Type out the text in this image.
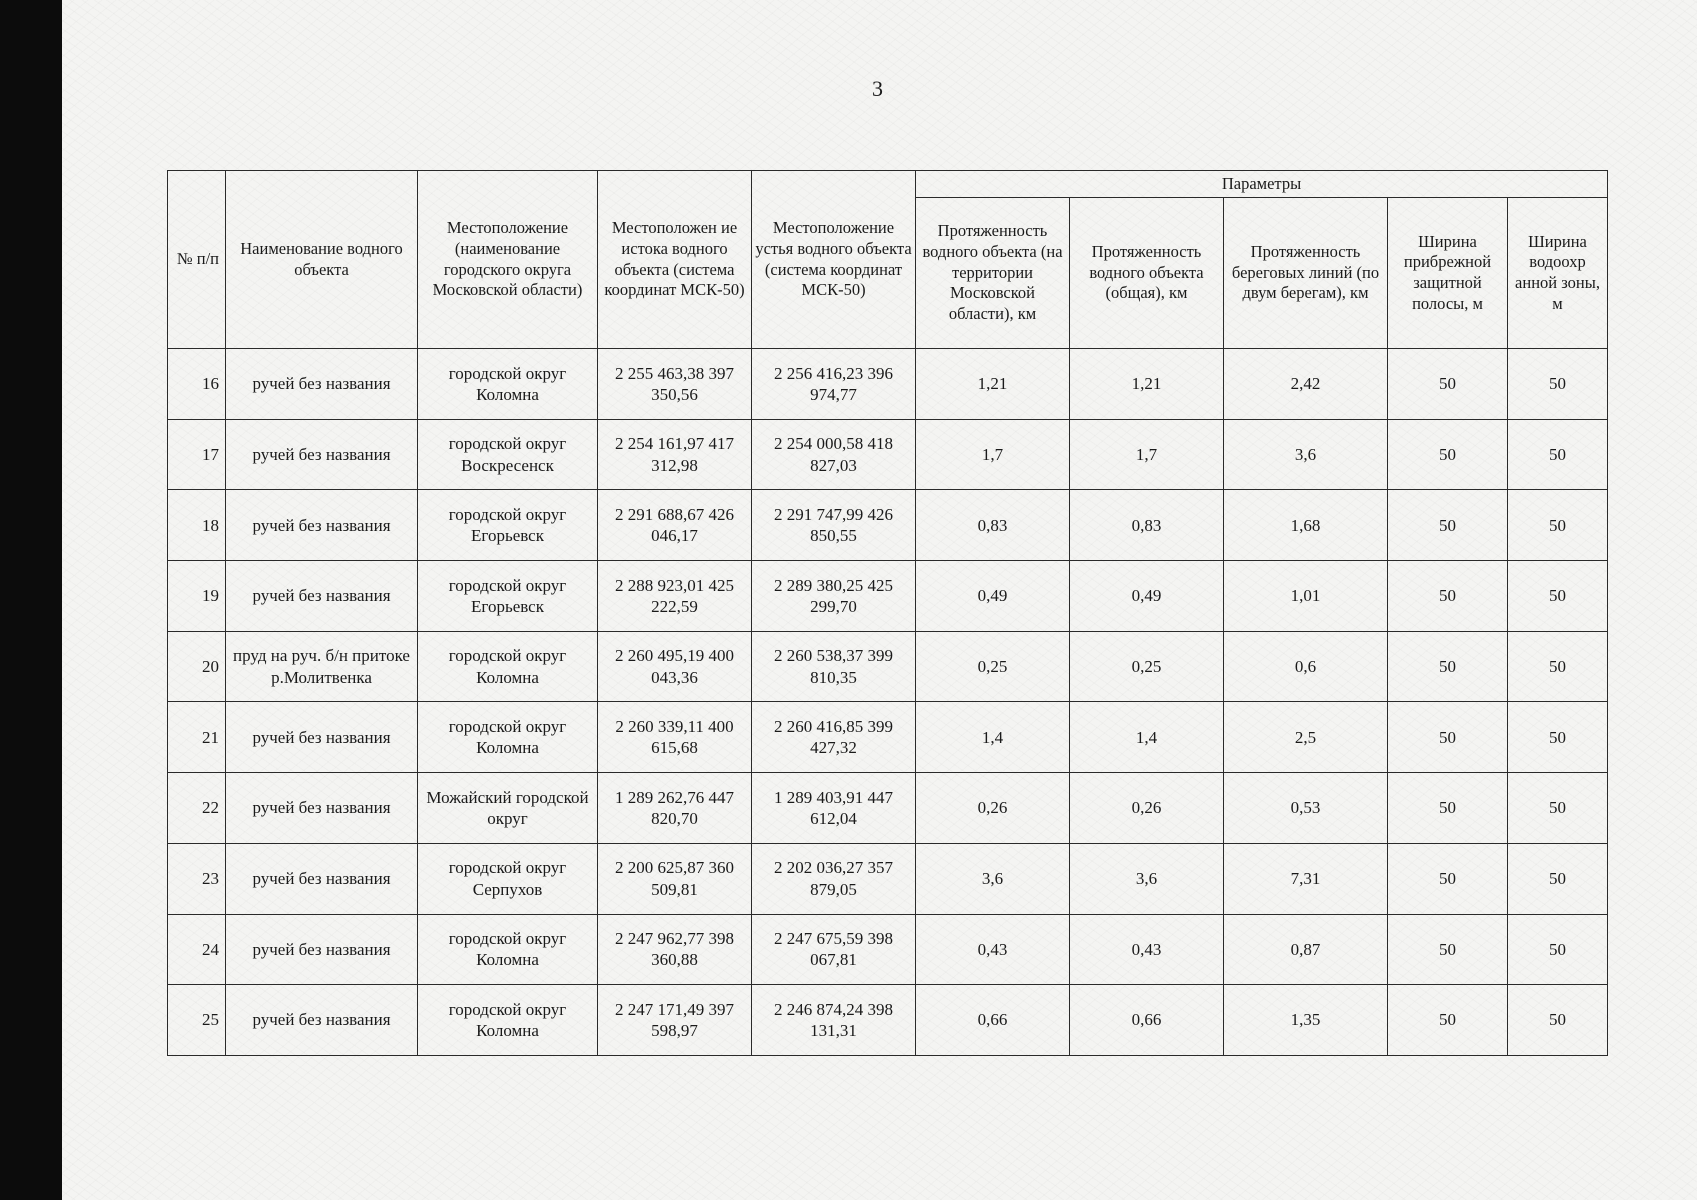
3
№ п/п	Наименование водного объекта	Местоположение (наименование городского округа Московской области)	Местоположен ие истока водного объекта (система координат МСК-50)	Местоположение устья водного объекта (система координат МСК-50)	Параметры				
					Протяженность водного объекта (на территории Московской области), км	Протяженность водного объекта (общая), км	Протяженность береговых линий (по двум берегам), км	Ширина прибрежной защитной полосы, м	Ширина водоохр анной зоны, м
16	ручей без названия	городской округ Коломна	2 255 463,38 397 350,56	2 256 416,23 396 974,77	1,21	1,21	2,42	50	50
17	ручей без названия	городской округ Воскресенск	2 254 161,97 417 312,98	2 254 000,58 418 827,03	1,7	1,7	3,6	50	50
18	ручей без названия	городской округ Егорьевск	2 291 688,67 426 046,17	2 291 747,99 426 850,55	0,83	0,83	1,68	50	50
19	ручей без названия	городской округ Егорьевск	2 288 923,01 425 222,59	2 289 380,25 425 299,70	0,49	0,49	1,01	50	50
20	пруд на руч. б/н притоке р.Молитвенка	городской округ Коломна	2 260 495,19 400 043,36	2 260 538,37 399 810,35	0,25	0,25	0,6	50	50
21	ручей без названия	городской округ Коломна	2 260 339,11 400 615,68	2 260 416,85 399 427,32	1,4	1,4	2,5	50	50
22	ручей без названия	Можайский городской округ	1 289 262,76 447 820,70	1 289 403,91 447 612,04	0,26	0,26	0,53	50	50
23	ручей без названия	городской округ Серпухов	2 200 625,87 360 509,81	2 202 036,27 357 879,05	3,6	3,6	7,31	50	50
24	ручей без названия	городской округ Коломна	2 247 962,77 398 360,88	2 247 675,59 398 067,81	0,43	0,43	0,87	50	50
25	ручей без названия	городской округ Коломна	2 247 171,49 397 598,97	2 246 874,24 398 131,31	0,66	0,66	1,35	50	50
